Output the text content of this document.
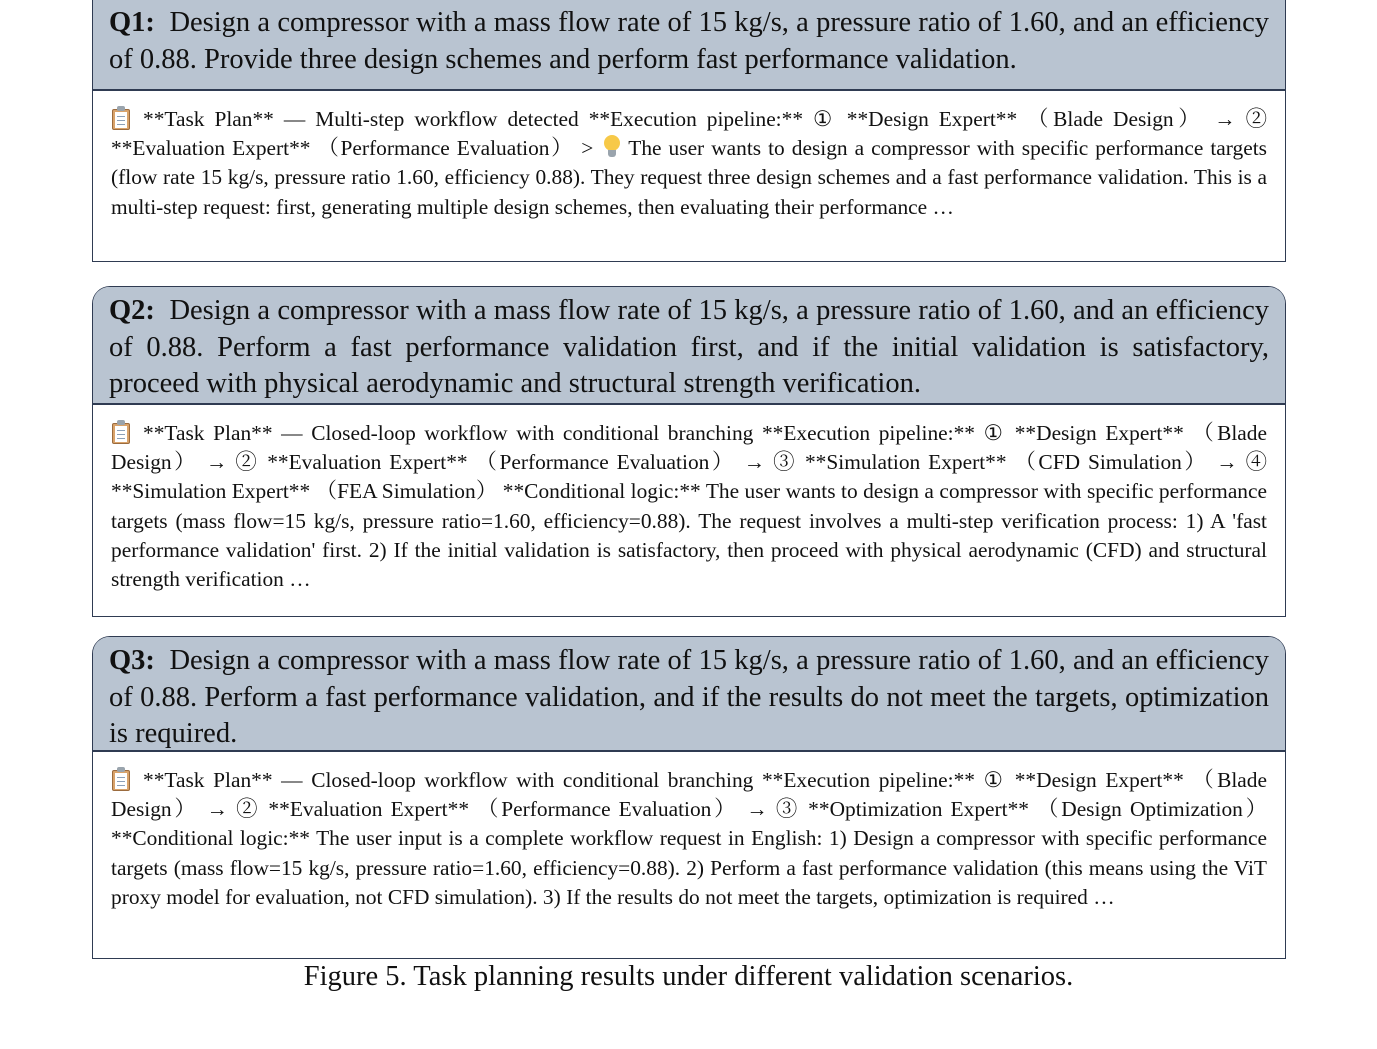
Q1: Design a compressor with a mass flow rate of 15 kg/s, a pressure ratio of 1.60, and an efficiency of 0.88. Provide three design schemes and perform fast performance validation.
**Task Plan** — Multi-step workflow detected **Execution pipeline:** ① **Design Expert** （Blade Design） → ② **Evaluation Expert** （Performance Evaluation） > The user wants to design a compressor with specific performance targets (flow rate 15 kg/s, pressure ratio 1.60, efficiency 0.88). They request three design schemes and a fast performance validation. This is a multi-step request: first, generating multiple design schemes, then evaluating their performance …
Q2: Design a compressor with a mass flow rate of 15 kg/s, a pressure ratio of 1.60, and an efficiency of 0.88. Perform a fast performance validation first, and if the initial validation is satisfactory, proceed with physical aerodynamic and structural strength verification.
**Task Plan** — Closed-loop workflow with conditional branching **Execution pipeline:** ① **Design Expert** （Blade Design） → ② **Evaluation Expert** （Performance Evaluation） → ③ **Simulation Expert** （CFD Simulation） → ④ **Simulation Expert** （FEA Simulation） **Conditional logic:** The user wants to design a compressor with specific performance targets (mass flow=15 kg/s, pressure ratio=1.60, efficiency=0.88). The request involves a multi-step verification process: 1) A 'fast performance validation' first. 2) If the initial validation is satisfactory, then proceed with physical aerodynamic (CFD) and structural strength verification …
Q3: Design a compressor with a mass flow rate of 15 kg/s, a pressure ratio of 1.60, and an efficiency of 0.88. Perform a fast performance validation, and if the results do not meet the targets, optimization is required.
**Task Plan** — Closed-loop workflow with conditional branching **Execution pipeline:** ① **Design Expert** （Blade Design） → ② **Evaluation Expert** （Performance Evaluation） → ③ **Optimization Expert** （Design Optimization） **Conditional logic:** The user input is a complete workflow request in English: 1) Design a compressor with specific performance targets (mass flow=15 kg/s, pressure ratio=1.60, efficiency=0.88). 2) Perform a fast performance validation (this means using the ViT proxy model for evaluation, not CFD simulation). 3) If the results do not meet the targets, optimization is required …
Figure 5. Task planning results under different validation scenarios.
